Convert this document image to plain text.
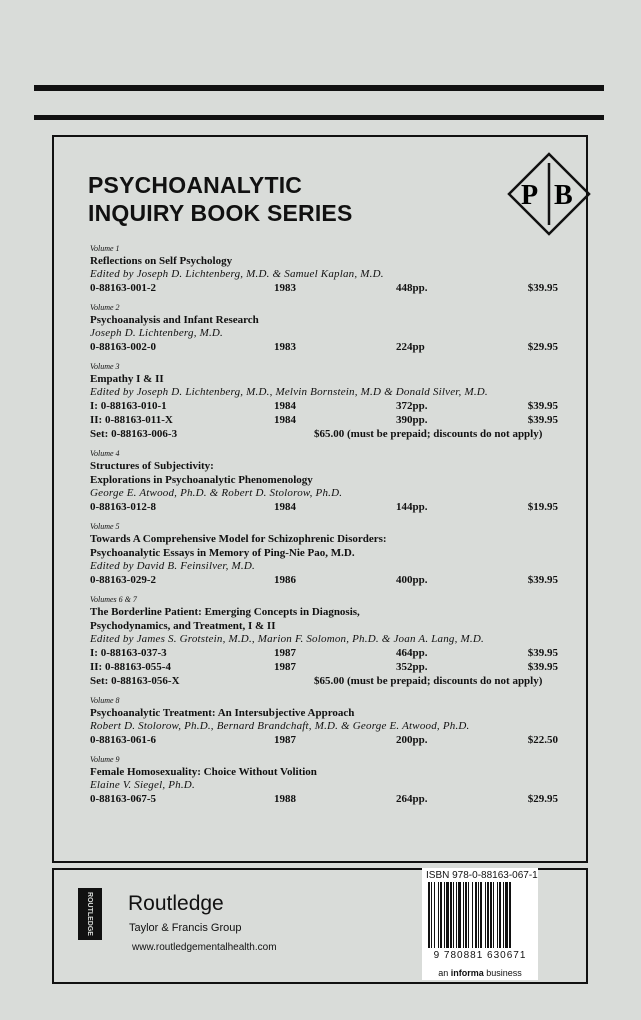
PSYCHOANALYTIC
INQUIRY BOOK SERIES
P B
Volume 1
Reflections on Self Psychology
Edited by Joseph D. Lichtenberg, M.D. & Samuel Kaplan, M.D.
0-88163-001-2	1983	448pp.	$39.95
Volume 2
Psychoanalysis and Infant Research
Joseph D. Lichtenberg, M.D.
0-88163-002-0	1983	224pp	$29.95
Volume 3
Empathy I & II
Edited by Joseph D. Lichtenberg, M.D., Melvin Bornstein, M.D & Donald Silver, M.D.
I: 0-88163-010-1	1984	372pp.	$39.95
II: 0-88163-011-X	1984	390pp.	$39.95
Set: 0-88163-006-3	$65.00 (must be prepaid; discounts do not apply)
Volume 4
Structures of Subjectivity:
Explorations in Psychoanalytic Phenomenology
George E. Atwood, Ph.D. & Robert D. Stolorow, Ph.D.
0-88163-012-8	1984	144pp.	$19.95
Volume 5
Towards A Comprehensive Model for Schizophrenic Disorders:
Psychoanalytic Essays in Memory of Ping-Nie Pao, M.D.
Edited by David B. Feinsilver, M.D.
0-88163-029-2	1986	400pp.	$39.95
Volumes 6 & 7
The Borderline Patient: Emerging Concepts in Diagnosis,
Psychodynamics, and Treatment, I & II
Edited by James S. Grotstein, M.D., Marion F. Solomon, Ph.D. & Joan A. Lang, M.D.
I: 0-88163-037-3	1987	464pp.	$39.95
II: 0-88163-055-4	1987	352pp.	$39.95
Set: 0-88163-056-X	$65.00 (must be prepaid; discounts do not apply)
Volume 8
Psychoanalytic Treatment: An Intersubjective Approach
Robert D. Stolorow, Ph.D., Bernard Brandchaft, M.D. & George E. Atwood, Ph.D.
0-88163-061-6	1987	200pp.	$22.50
Volume 9
Female Homosexuality: Choice Without Volition
Elaine V. Siegel, Ph.D.
0-88163-067-5	1988	264pp.	$29.95
ROUTLEDGE Routledge
Taylor & Francis Group
www.routledgementalhealth.com
ISBN 978-0-88163-067-1
9 780881 630671
an informa business
